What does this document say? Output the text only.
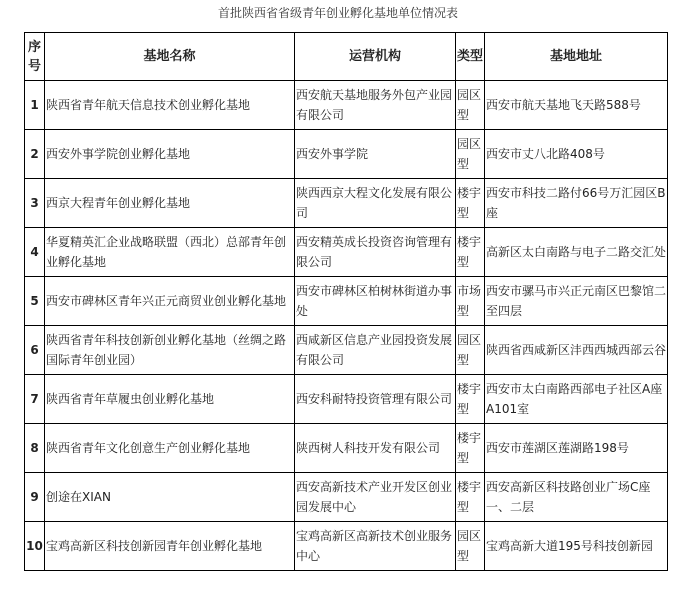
首批陕西省省级青年创业孵化基地单位情况表
序号	基地名称	运营机构	类型	基地地址
1	陕西省青年航天信息技术创业孵化基地	西安航天基地服务外包产业园有限公司	园区型	西安市航天基地飞天路588号
2	西安外事学院创业孵化基地	西安外事学院	园区型	西安市丈八北路408号
3	西京大程青年创业孵化基地	陕西西京大程文化发展有限公司	楼宇型	西安市科技二路付66号万汇园区B座
4	华夏精英汇企业战略联盟（西北）总部青年创业孵化基地	西安精英成长投资咨询管理有限公司	楼宇型	高新区太白南路与电子二路交汇处
5	西安市碑林区青年兴正元商贸业创业孵化基地	西安市碑林区柏树林街道办事处	市场型	西安市骡马市兴正元南区巴黎馆二至四层
6	陕西省青年科技创新创业孵化基地（丝绸之路国际青年创业园）	西咸新区信息产业园投资发展有限公司	园区型	陕西省西咸新区沣西西城西部云谷
7	陕西省青年草履虫创业孵化基地	西安科耐特投资管理有限公司	楼宇型	西安市太白南路西部电子社区A座A101室
8	陕西省青年文化创意生产创业孵化基地	陕西树人科技开发有限公司	楼宇型	西安市莲湖区莲湖路198号
9	创途在XIAN	西安高新技术产业开发区创业园发展中心	楼宇型	西安高新区科技路创业广场C座一、二层
10	宝鸡高新区科技创新园青年创业孵化基地	宝鸡高新区高新技术创业服务中心	园区型	宝鸡高新大道195号科技创新园
